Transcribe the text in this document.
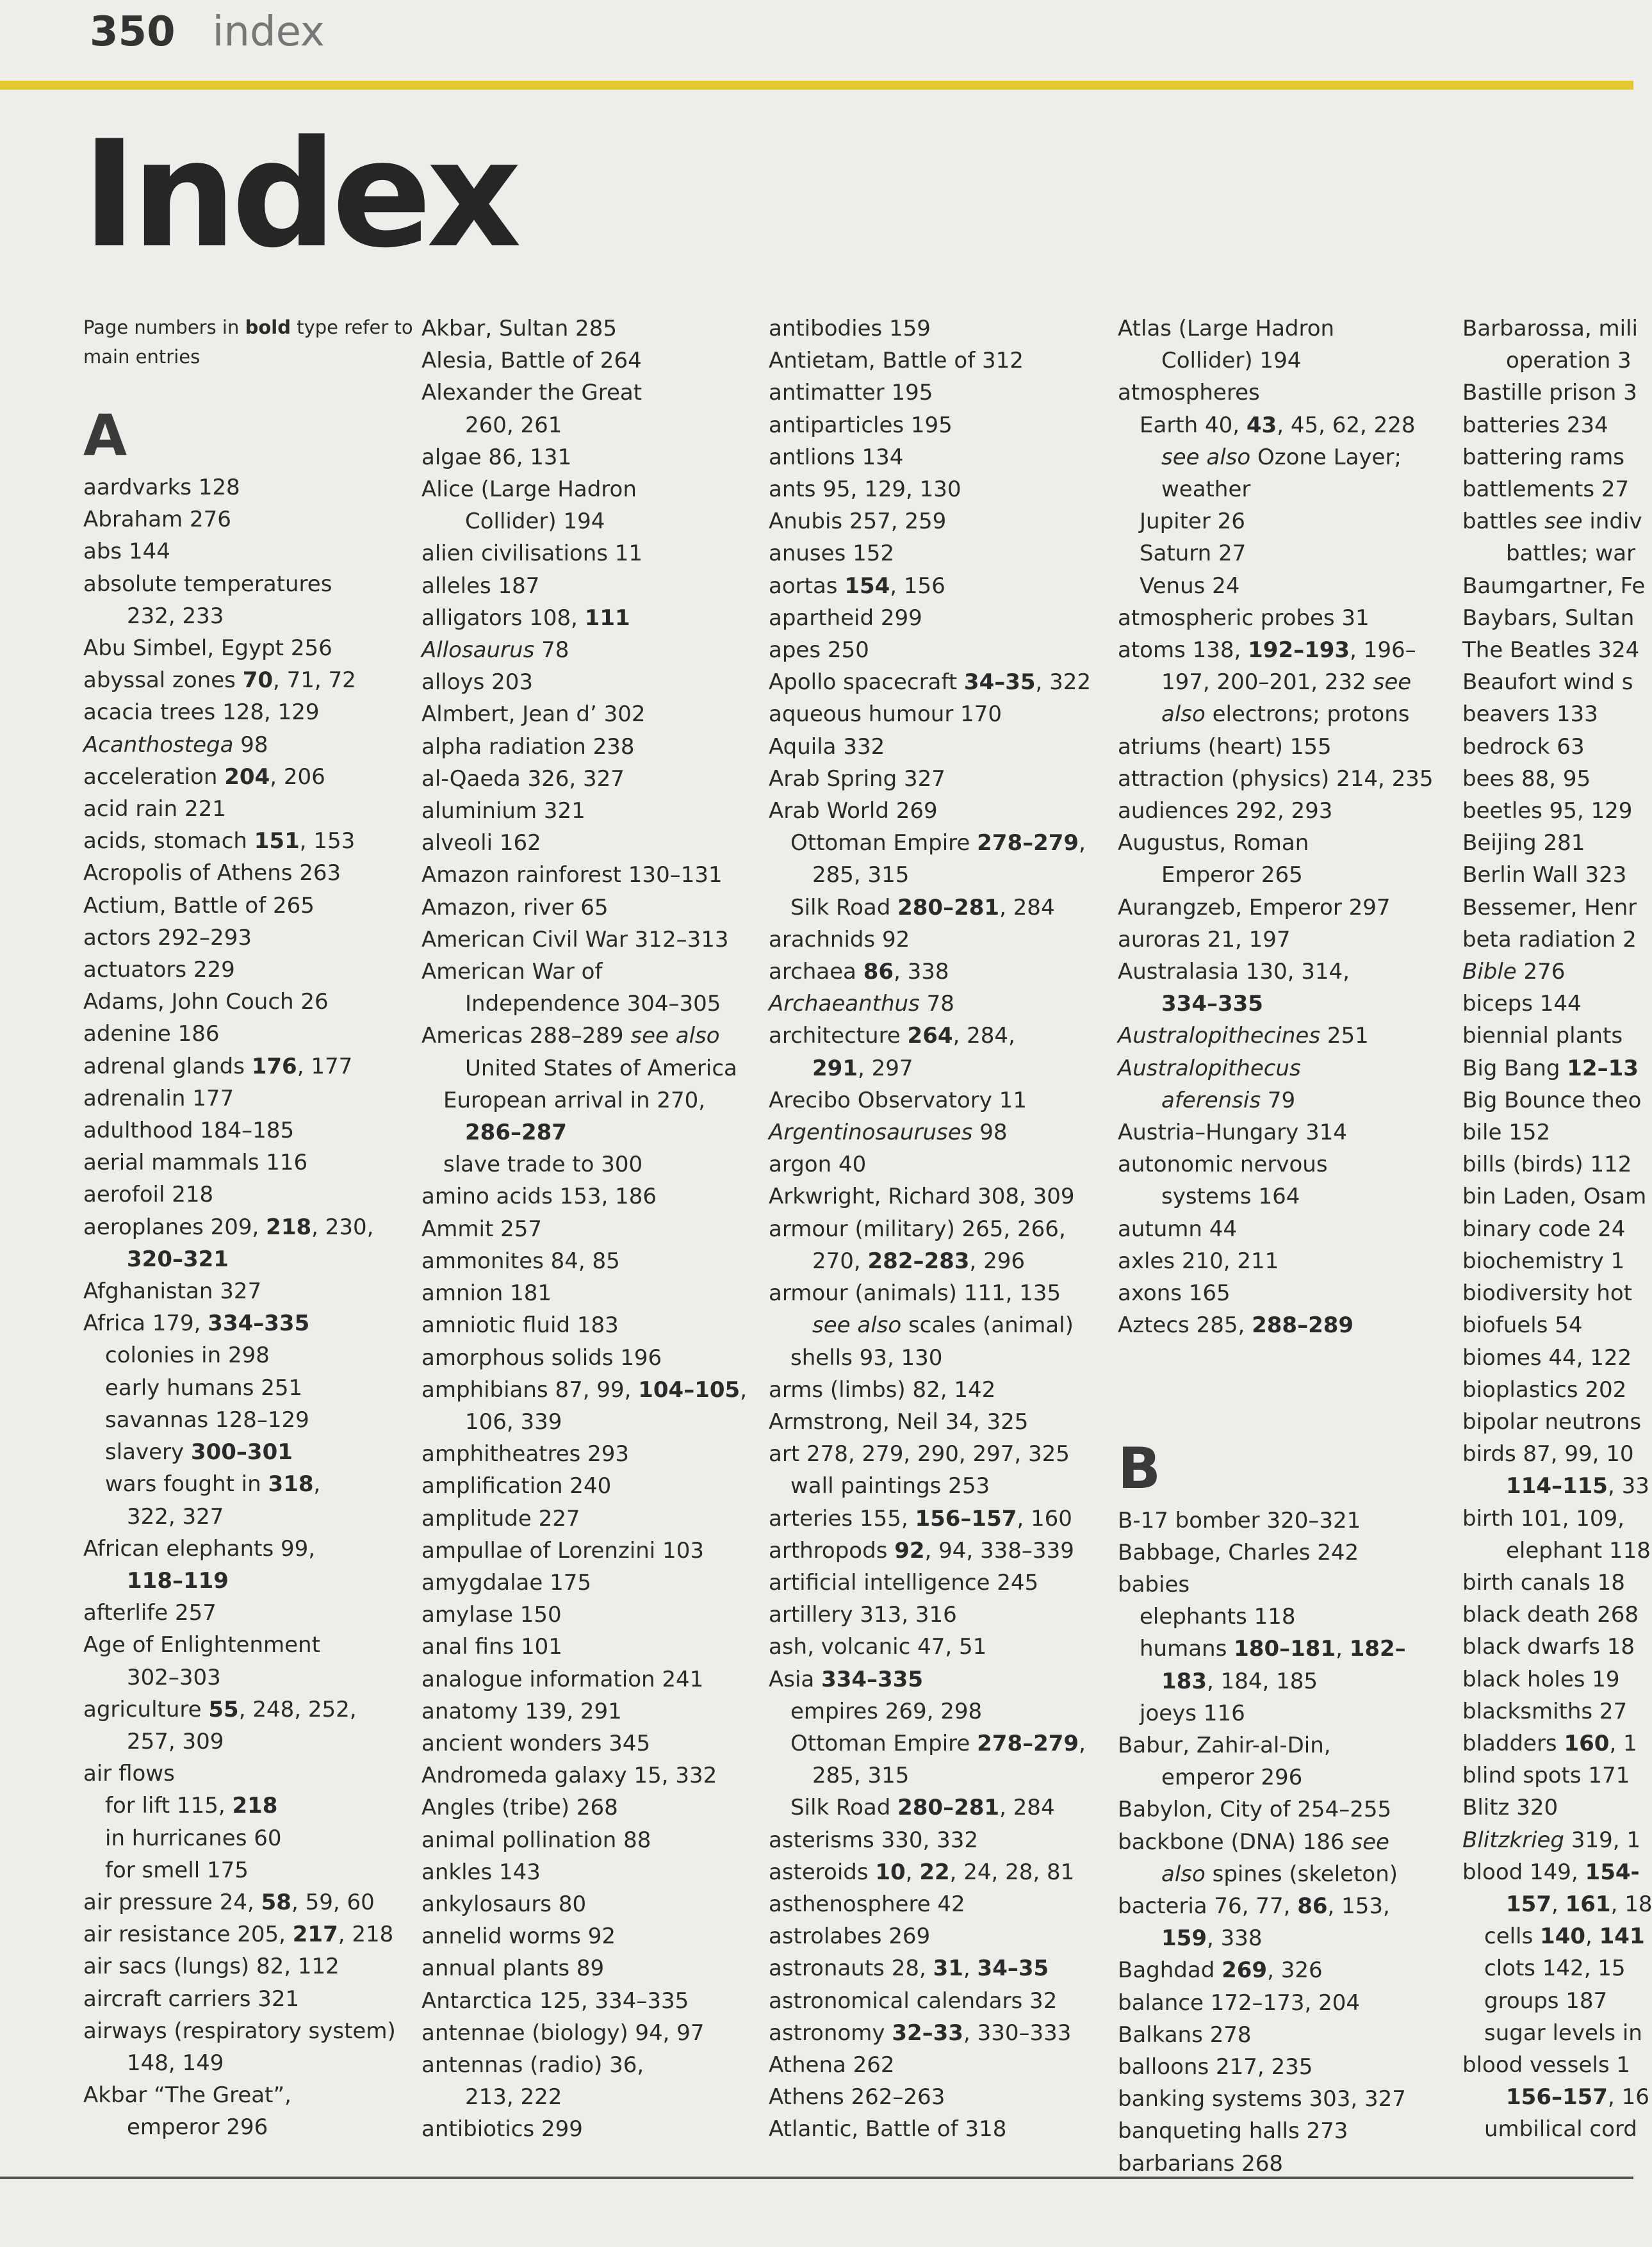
350 index
Index
Page numbers in bold type refer to main entries
A
aardvarks 128
Abraham 276
abs 144
absolute temperatures
232, 233
Abu Simbel, Egypt 256
abyssal zones 70, 71, 72
acacia trees 128, 129
Acanthostega 98
acceleration 204, 206
acid rain 221
acids, stomach 151, 153
Acropolis of Athens 263
Actium, Battle of 265
actors 292–293
actuators 229
Adams, John Couch 26
adenine 186
adrenal glands 176, 177
adrenalin 177
adulthood 184–185
aerial mammals 116
aerofoil 218
aeroplanes 209, 218, 230,
320–321
Afghanistan 327
Africa 179, 334–335
colonies in 298
early humans 251
savannas 128–129
slavery 300–301
wars fought in 318,
322, 327
African elephants 99,
118–119
afterlife 257
Age of Enlightenment
302–303
agriculture 55, 248, 252,
257, 309
air flows
for lift 115, 218
in hurricanes 60
for smell 175
air pressure 24, 58, 59, 60
air resistance 205, 217, 218
air sacs (lungs) 82, 112
aircraft carriers 321
airways (respiratory system)
148, 149
Akbar “The Great”,
emperor 296
Akbar, Sultan 285
Alesia, Battle of 264
Alexander the Great
260, 261
algae 86, 131
Alice (Large Hadron
Collider) 194
alien civilisations 11
alleles 187
alligators 108, 111
Allosaurus 78
alloys 203
Almbert, Jean d’ 302
alpha radiation 238
al-Qaeda 326, 327
aluminium 321
alveoli 162
Amazon rainforest 130–131
Amazon, river 65
American Civil War 312–313
American War of
Independence 304–305
Americas 288–289 see also
United States of America
European arrival in 270,
286–287
slave trade to 300
amino acids 153, 186
Ammit 257
ammonites 84, 85
amnion 181
amniotic fluid 183
amorphous solids 196
amphibians 87, 99, 104–105,
106, 339
amphitheatres 293
amplification 240
amplitude 227
ampullae of Lorenzini 103
amygdalae 175
amylase 150
anal fins 101
analogue information 241
anatomy 139, 291
ancient wonders 345
Andromeda galaxy 15, 332
Angles (tribe) 268
animal pollination 88
ankles 143
ankylosaurs 80
annelid worms 92
annual plants 89
Antarctica 125, 334–335
antennae (biology) 94, 97
antennas (radio) 36,
213, 222
antibiotics 299
antibodies 159
Antietam, Battle of 312
antimatter 195
antiparticles 195
antlions 134
ants 95, 129, 130
Anubis 257, 259
anuses 152
aortas 154, 156
apartheid 299
apes 250
Apollo spacecraft 34–35, 322
aqueous humour 170
Aquila 332
Arab Spring 327
Arab World 269
Ottoman Empire 278–279,
285, 315
Silk Road 280–281, 284
arachnids 92
archaea 86, 338
Archaeanthus 78
architecture 264, 284,
291, 297
Arecibo Observatory 11
Argentinosauruses 98
argon 40
Arkwright, Richard 308, 309
armour (military) 265, 266,
270, 282–283, 296
armour (animals) 111, 135
see also scales (animal)
shells 93, 130
arms (limbs) 82, 142
Armstrong, Neil 34, 325
art 278, 279, 290, 297, 325
wall paintings 253
arteries 155, 156–157, 160
arthropods 92, 94, 338–339
artificial intelligence 245
artillery 313, 316
ash, volcanic 47, 51
Asia 334–335
empires 269, 298
Ottoman Empire 278–279,
285, 315
Silk Road 280–281, 284
asterisms 330, 332
asteroids 10, 22, 24, 28, 81
asthenosphere 42
astrolabes 269
astronauts 28, 31, 34–35
astronomical calendars 32
astronomy 32–33, 330–333
Athena 262
Athens 262–263
Atlantic, Battle of 318
Atlas (Large Hadron
Collider) 194
atmospheres
Earth 40, 43, 45, 62, 228
see also Ozone Layer;
weather
Jupiter 26
Saturn 27
Venus 24
atmospheric probes 31
atoms 138, 192–193, 196–
197, 200–201, 232 see
also electrons; protons
atriums (heart) 155
attraction (physics) 214, 235
audiences 292, 293
Augustus, Roman
Emperor 265
Aurangzeb, Emperor 297
auroras 21, 197
Australasia 130, 314,
334–335
Australopithecines 251
Australopithecus
aferensis 79
Austria–Hungary 314
autonomic nervous
systems 164
autumn 44
axles 210, 211
axons 165
Aztecs 285, 288–289
B
B-17 bomber 320–321
Babbage, Charles 242
babies
elephants 118
humans 180–181, 182–
183, 184, 185
joeys 116
Babur, Zahir-al-Din,
emperor 296
Babylon, City of 254–255
backbone (DNA) 186 see
also spines (skeleton)
bacteria 76, 77, 86, 153,
159, 338
Baghdad 269, 326
balance 172–173, 204
Balkans 278
balloons 217, 235
banking systems 303, 327
banqueting halls 273
barbarians 268
Barbarossa, mili
operation 3
Bastille prison 3
batteries 234
battering rams
battlements 27
battles see indiv
battles; war
Baumgartner, Fe
Baybars, Sultan
The Beatles 324
Beaufort wind s
beavers 133
bedrock 63
bees 88, 95
beetles 95, 129
Beijing 281
Berlin Wall 323
Bessemer, Henr
beta radiation 2
Bible 276
biceps 144
biennial plants
Big Bang 12–13
Big Bounce theo
bile 152
bills (birds) 112
bin Laden, Osam
binary code 24
biochemistry 1
biodiversity hot
biofuels 54
biomes 44, 122
bioplastics 202
bipolar neutrons
birds 87, 99, 10
114–115, 33
birth 101, 109,
elephant 118
birth canals 18
black death 268
black dwarfs 18
black holes 19
blacksmiths 27
bladders 160, 1
blind spots 171
Blitz 320
Blitzkrieg 319, 1
blood 149, 154-
157, 161, 18
cells 140, 141
clots 142, 15
groups 187
sugar levels in
blood vessels 1
156–157, 16
umbilical cord
